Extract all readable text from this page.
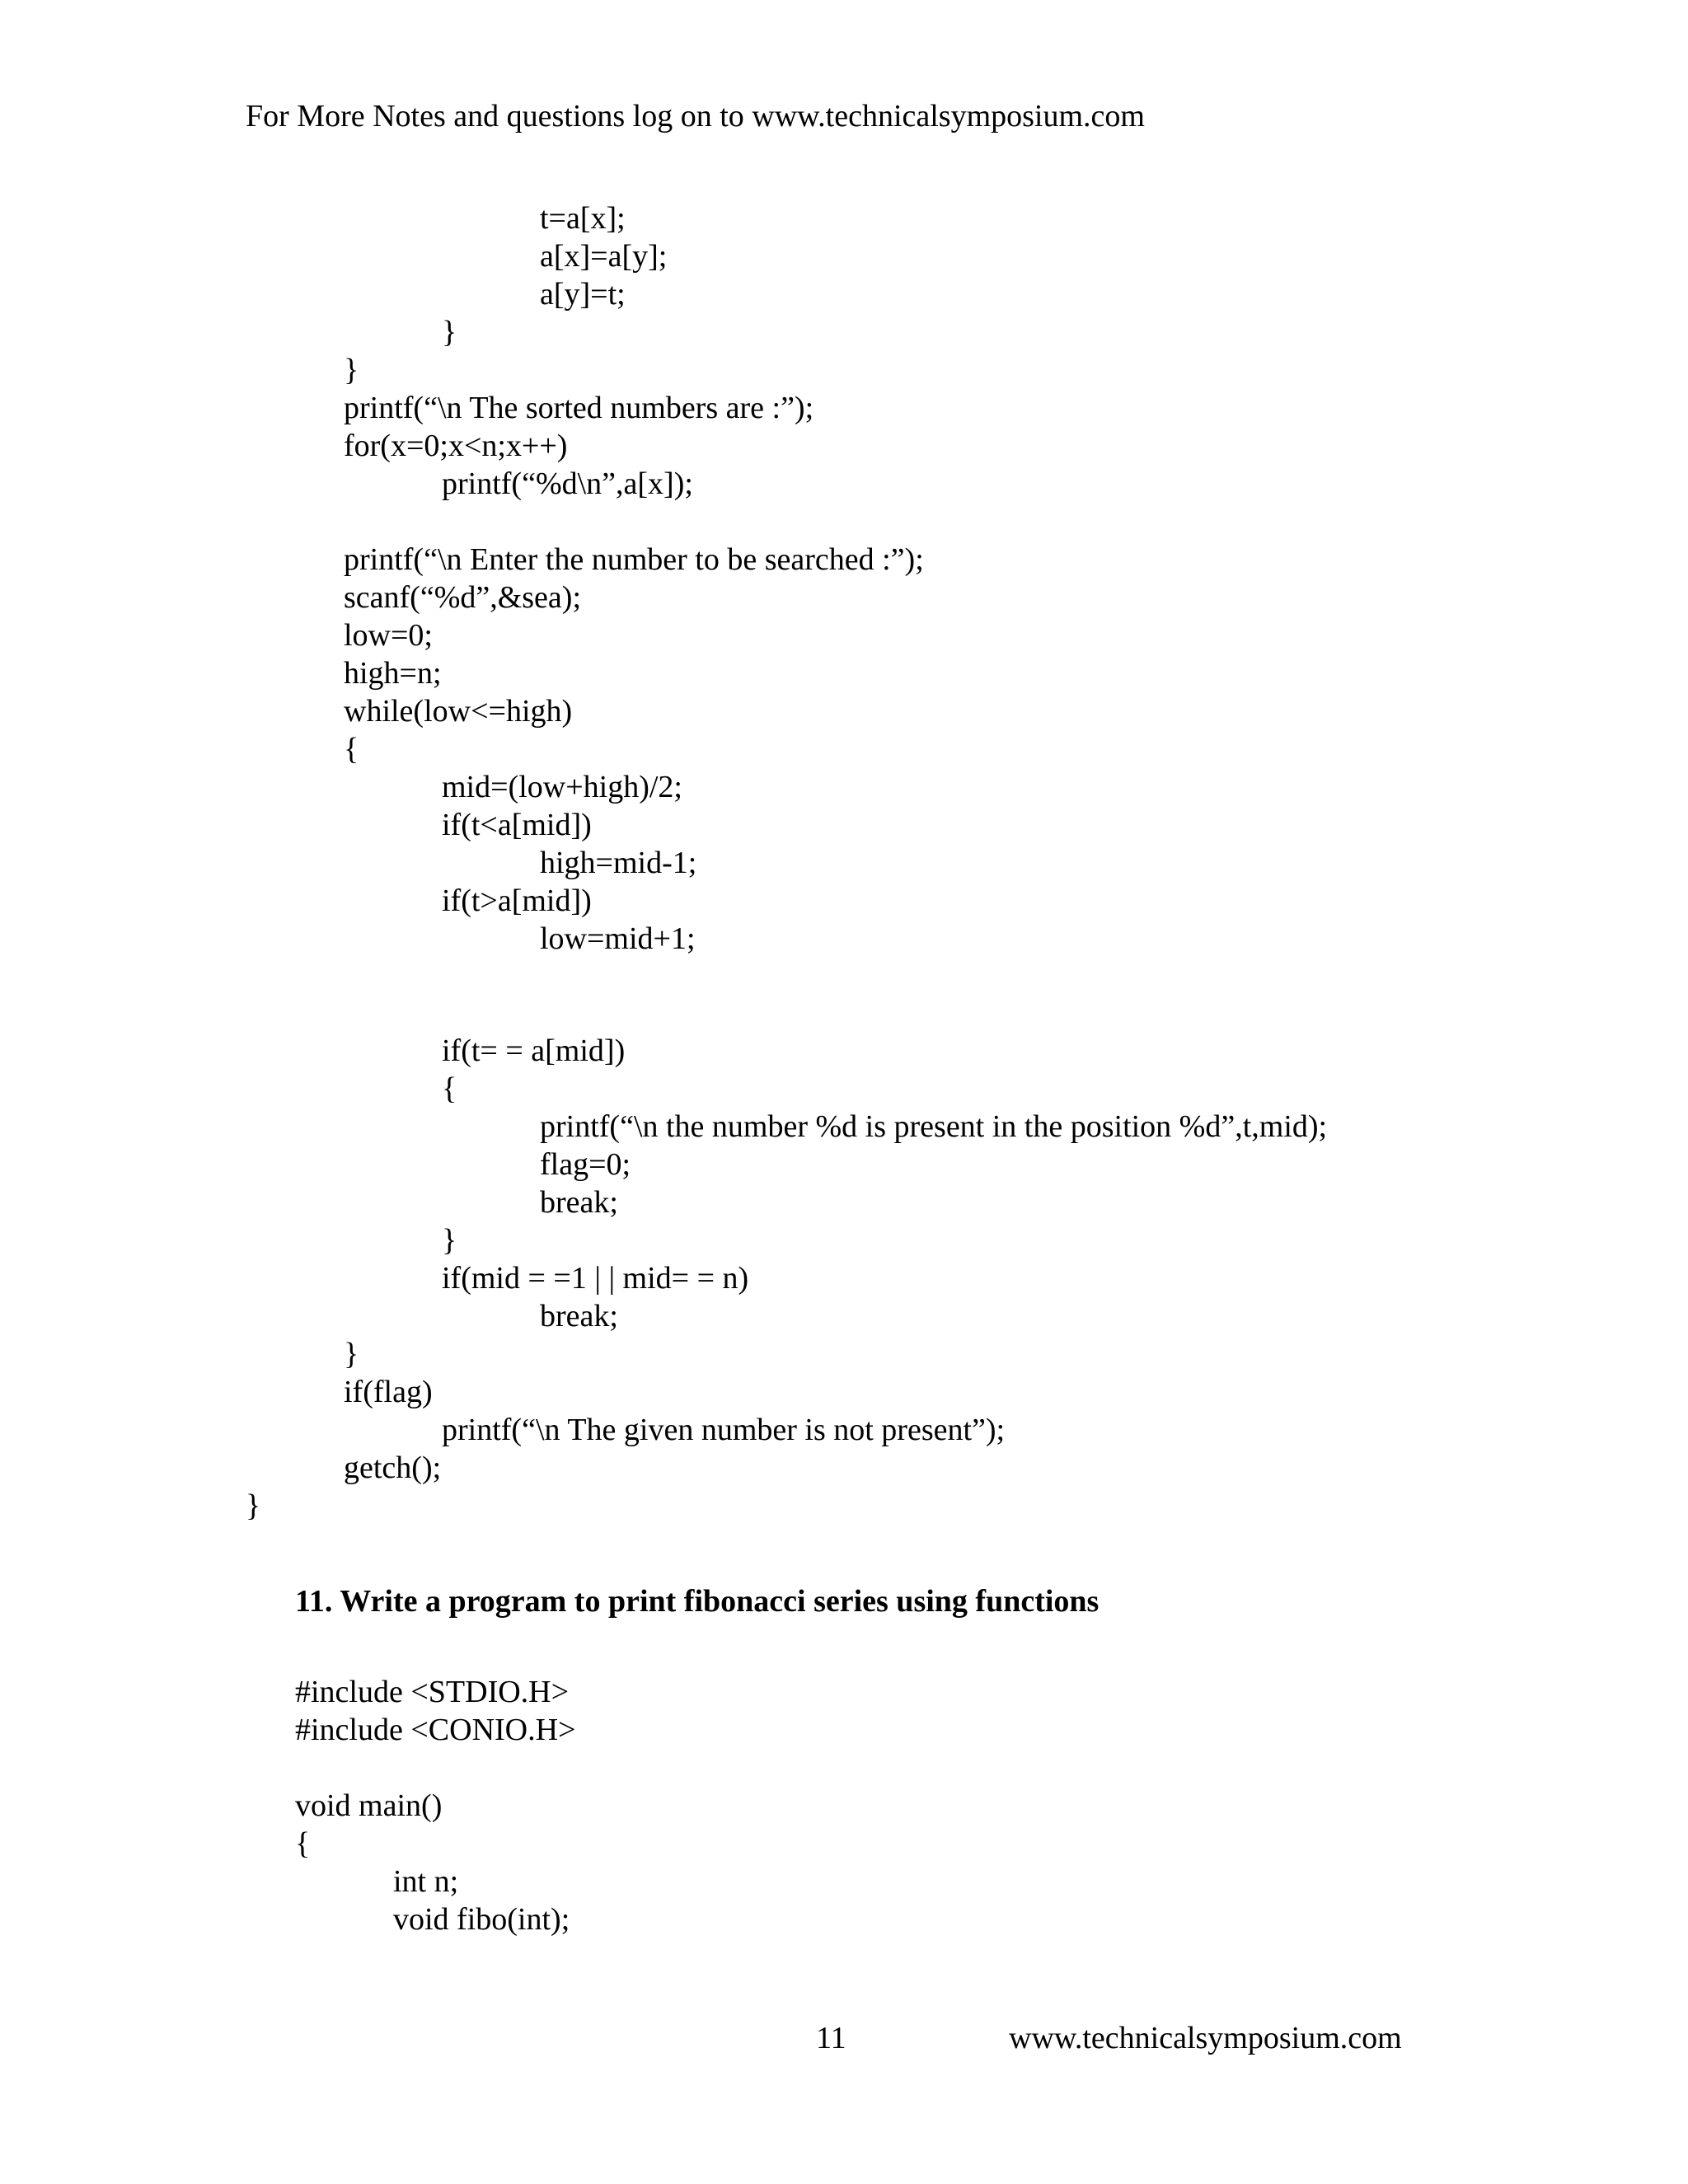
For More Notes and questions log on to www.technicalsymposium.com
t=a[x];
a[x]=a[y];
a[y]=t;
}
}
printf(“\n The sorted numbers are :”);
for(x=0;x<n;x++)
printf(“%d\n”,a[x]);
printf(“\n Enter the number to be searched :”);
scanf(“%d”,&sea);
low=0;
high=n;
while(low<=high)
{
mid=(low+high)/2;
if(t<a[mid])
high=mid-1;
if(t>a[mid])
low=mid+1;
if(t= = a[mid])
{
printf(“\n the number %d is present in the position %d”,t,mid);
flag=0;
break;
}
if(mid = =1 | | mid= = n)
break;
}
if(flag)
printf(“\n The given number is not present”);
getch();
}
11. Write a program to print fibonacci series using functions
#include <STDIO.H>
#include <CONIO.H>
void main()
{
int n;
void fibo(int);
11	www.technicalsymposium.com
